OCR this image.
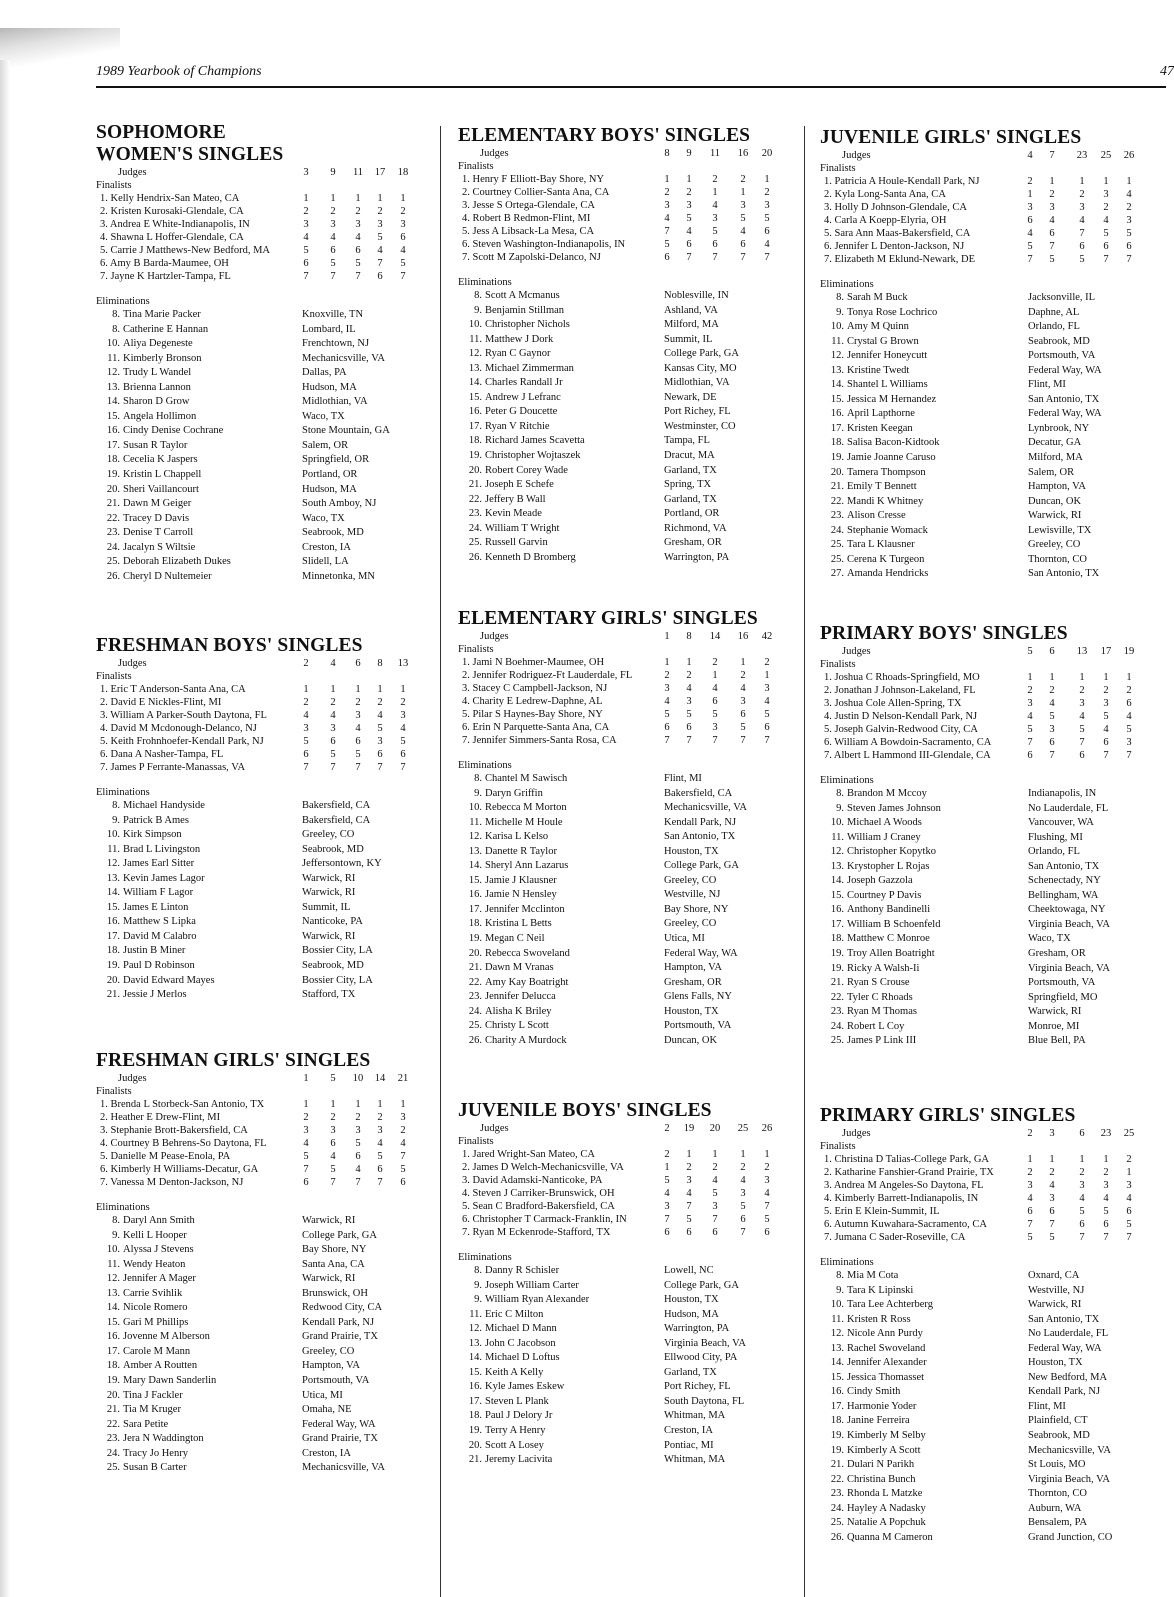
1989 Yearbook of Champions	47
SOPHOMORE
WOMEN'S SINGLES
Judges	3	9	11	17	18
Finalists
1. Kelly Hendrix-San Mateo, CA	1	1	1	1	1
2. Kristen Kurosaki-Glendale, CA	2	2	2	2	2
3. Andrea E White-Indianapolis, IN	3	3	3	3	3
4. Shawna L Hoffer-Glendale, CA	4	4	4	5	6
5. Carrie J Matthews-New Bedford, MA	5	6	6	4	4
6. Amy B Barda-Maumee, OH	6	5	5	7	5
7. Jayne K Hartzler-Tampa, FL	7	7	7	6	7
Eliminations
8. Tina Marie Packer	Knoxville, TN
8. Catherine E Hannan	Lombard, IL
10. Aliya Degeneste	Frenchtown, NJ
11. Kimberly Bronson	Mechanicsville, VA
12. Trudy L Wandel	Dallas, PA
13. Brienna Lannon	Hudson, MA
14. Sharon D Grow	Midlothian, VA
15. Angela Hollimon	Waco, TX
16. Cindy Denise Cochrane	Stone Mountain, GA
17. Susan R Taylor	Salem, OR
18. Cecelia K Jaspers	Springfield, OR
19. Kristin L Chappell	Portland, OR
20. Sheri Vaillancourt	Hudson, MA
21. Dawn M Geiger	South Amboy, NJ
22. Tracey D Davis	Waco, TX
23. Denise T Carroll	Seabrook, MD
24. Jacalyn S Wiltsie	Creston, IA
25. Deborah Elizabeth Dukes	Slidell, LA
26. Cheryl D Nultemeier	Minnetonka, MN
FRESHMAN BOYS' SINGLES
Judges	2	4	6	8	13
Finalists
1. Eric T Anderson-Santa Ana, CA	1	1	1	1	1
2. David E Nickles-Flint, MI	2	2	2	2	2
3. William A Parker-South Daytona, FL	4	4	3	4	3
4. David M Mcdonough-Delanco, NJ	3	3	4	5	4
5. Keith Frohnhoefer-Kendall Park, NJ	5	6	6	3	5
6. Dana A Nasher-Tampa, FL	6	5	5	6	6
7. James P Ferrante-Manassas, VA	7	7	7	7	7
Eliminations
8. Michael Handyside	Bakersfield, CA
9. Patrick B Ames	Bakersfield, CA
10. Kirk Simpson	Greeley, CO
11. Brad L Livingston	Seabrook, MD
12. James Earl Sitter	Jeffersontown, KY
13. Kevin James Lagor	Warwick, RI
14. William F Lagor	Warwick, RI
15. James E Linton	Summit, IL
16. Matthew S Lipka	Nanticoke, PA
17. David M Calabro	Warwick, RI
18. Justin B Miner	Bossier City, LA
19. Paul D Robinson	Seabrook, MD
20. David Edward Mayes	Bossier City, LA
21. Jessie J Merlos	Stafford, TX
FRESHMAN GIRLS' SINGLES
Judges	1	5	10	14	21
Finalists
1. Brenda L Storbeck-San Antonio, TX	1	1	1	1	1
2. Heather E Drew-Flint, MI	2	2	2	2	3
3. Stephanie Brott-Bakersfield, CA	3	3	3	3	2
4. Courtney B Behrens-So Daytona, FL	4	6	5	4	4
5. Danielle M Pease-Enola, PA	5	4	6	5	7
6. Kimberly H Williams-Decatur, GA	7	5	4	6	5
7. Vanessa M Denton-Jackson, NJ	6	7	7	7	6
Eliminations
8. Daryl Ann Smith	Warwick, RI
9. Kelli L Hooper	College Park, GA
10. Alyssa J Stevens	Bay Shore, NY
11. Wendy Heaton	Santa Ana, CA
12. Jennifer A Mager	Warwick, RI
13. Carrie Svihlik	Brunswick, OH
14. Nicole Romero	Redwood City, CA
15. Gari M Phillips	Kendall Park, NJ
16. Jovenne M Alberson	Grand Prairie, TX
17. Carole M Mann	Greeley, CO
18. Amber A Routten	Hampton, VA
19. Mary Dawn Sanderlin	Portsmouth, VA
20. Tina J Fackler	Utica, MI
21. Tia M Kruger	Omaha, NE
22. Sara Petite	Federal Way, WA
23. Jera N Waddington	Grand Prairie, TX
24. Tracy Jo Henry	Creston, IA
25. Susan B Carter	Mechanicsville, VA
ELEMENTARY BOYS' SINGLES
Judges	8	9	11	16	20
Finalists
1. Henry F Elliott-Bay Shore, NY	1	1	2	2	1
2. Courtney Collier-Santa Ana, CA	2	2	1	1	2
3. Jesse S Ortega-Glendale, CA	3	3	4	3	3
4. Robert B Redmon-Flint, MI	4	5	3	5	5
5. Jess A Libsack-La Mesa, CA	7	4	5	4	6
6. Steven Washington-Indianapolis, IN	5	6	6	6	4
7. Scott M Zapolski-Delanco, NJ	6	7	7	7	7
Eliminations
8. Scott A Mcmanus	Noblesville, IN
9. Benjamin Stillman	Ashland, VA
10. Christopher Nichols	Milford, MA
11. Matthew J Dork	Summit, IL
12. Ryan C Gaynor	College Park, GA
13. Michael Zimmerman	Kansas City, MO
14. Charles Randall Jr	Midlothian, VA
15. Andrew J Lefranc	Newark, DE
16. Peter G Doucette	Port Richey, FL
17. Ryan V Ritchie	Westminster, CO
18. Richard James Scavetta	Tampa, FL
19. Christopher Wojtaszek	Dracut, MA
20. Robert Corey Wade	Garland, TX
21. Joseph E Schefe	Spring, TX
22. Jeffery B Wall	Garland, TX
23. Kevin Meade	Portland, OR
24. William T Wright	Richmond, VA
25. Russell Garvin	Gresham, OR
26. Kenneth D Bromberg	Warrington, PA
ELEMENTARY GIRLS' SINGLES
Judges	1	8	14	16	42
Finalists
1. Jami N Boehmer-Maumee, OH	1	1	2	1	2
2. Jennifer Rodriguez-Ft Lauderdale, FL	2	2	1	2	1
3. Stacey C Campbell-Jackson, NJ	3	4	4	4	3
4. Charity E Ledrew-Daphne, AL	4	3	6	3	4
5. Pilar S Haynes-Bay Shore, NY	5	5	5	6	5
6. Erin N Parquette-Santa Ana, CA	6	6	3	5	6
7. Jennifer Simmers-Santa Rosa, CA	7	7	7	7	7
Eliminations
8. Chantel M Sawisch	Flint, MI
9. Daryn Griffin	Bakersfield, CA
10. Rebecca M Morton	Mechanicsville, VA
11. Michelle M Houle	Kendall Park, NJ
12. Karisa L Kelso	San Antonio, TX
13. Danette R Taylor	Houston, TX
14. Sheryl Ann Lazarus	College Park, GA
15. Jamie J Klausner	Greeley, CO
16. Jamie N Hensley	Westville, NJ
17. Jennifer Mcclinton	Bay Shore, NY
18. Kristina L Betts	Greeley, CO
19. Megan C Neil	Utica, MI
20. Rebecca Swoveland	Federal Way, WA
21. Dawn M Vranas	Hampton, VA
22. Amy Kay Boatright	Gresham, OR
23. Jennifer Delucca	Glens Falls, NY
24. Alisha K Briley	Houston, TX
25. Christy L Scott	Portsmouth, VA
26. Charity A Murdock	Duncan, OK
JUVENILE BOYS' SINGLES
Judges	2	19	20	25	26
Finalists
1. Jared Wright-San Mateo, CA	2	1	1	1	1
2. James D Welch-Mechanicsville, VA	1	2	2	2	2
3. David Adamski-Nanticoke, PA	5	3	4	4	3
4. Steven J Carriker-Brunswick, OH	4	4	5	3	4
5. Sean C Bradford-Bakersfield, CA	3	7	3	5	7
6. Christopher T Carmack-Franklin, IN	7	5	7	6	5
7. Ryan M Eckenrode-Stafford, TX	6	6	6	7	6
Eliminations
8. Danny R Schisler	Lowell, NC
9. Joseph William Carter	College Park, GA
9. William Ryan Alexander	Houston, TX
11. Eric C Milton	Hudson, MA
12. Michael D Mann	Warrington, PA
13. John C Jacobson	Virginia Beach, VA
14. Michael D Loftus	Ellwood City, PA
15. Keith A Kelly	Garland, TX
16. Kyle James Eskew	Port Richey, FL
17. Steven L Plank	South Daytona, FL
18. Paul J Delory Jr	Whitman, MA
19. Terry A Henry	Creston, IA
20. Scott A Losey	Pontiac, MI
21. Jeremy Lacivita	Whitman, MA
JUVENILE GIRLS' SINGLES
Judges	4	7	23	25	26
Finalists
1. Patricia A Houle-Kendall Park, NJ	2	1	1	1	1
2. Kyla Long-Santa Ana, CA	1	2	2	3	4
3. Holly D Johnson-Glendale, CA	3	3	3	2	2
4. Carla A Koepp-Elyria, OH	6	4	4	4	3
5. Sara Ann Maas-Bakersfield, CA	4	6	7	5	5
6. Jennifer L Denton-Jackson, NJ	5	7	6	6	6
7. Elizabeth M Eklund-Newark, DE	7	5	5	7	7
Eliminations
8. Sarah M Buck	Jacksonville, IL
9. Tonya Rose Lochrico	Daphne, AL
10. Amy M Quinn	Orlando, FL
11. Crystal G Brown	Seabrook, MD
12. Jennifer Honeycutt	Portsmouth, VA
13. Kristine Twedt	Federal Way, WA
14. Shantel L Williams	Flint, MI
15. Jessica M Hernandez	San Antonio, TX
16. April Lapthorne	Federal Way, WA
17. Kristen Keegan	Lynbrook, NY
18. Salisa Bacon-Kidtook	Decatur, GA
19. Jamie Joanne Caruso	Milford, MA
20. Tamera Thompson	Salem, OR
21. Emily T Bennett	Hampton, VA
22. Mandi K Whitney	Duncan, OK
23. Alison Cresse	Warwick, RI
24. Stephanie Womack	Lewisville, TX
25. Tara L Klausner	Greeley, CO
25. Cerena K Turgeon	Thornton, CO
27. Amanda Hendricks	San Antonio, TX
PRIMARY BOYS' SINGLES
Judges	5	6	13	17	19
Finalists
1. Joshua C Rhoads-Springfield, MO	1	1	1	1	1
2. Jonathan J Johnson-Lakeland, FL	2	2	2	2	2
3. Joshua Cole Allen-Spring, TX	3	4	3	3	6
4. Justin D Nelson-Kendall Park, NJ	4	5	4	5	4
5. Joseph Galvin-Redwood City, CA	5	3	5	4	5
6. William A Bowdoin-Sacramento, CA	7	6	7	6	3
7. Albert L Hammond III-Glendale, CA	6	7	6	7	7
Eliminations
8. Brandon M Mccoy	Indianapolis, IN
9. Steven James Johnson	No Lauderdale, FL
10. Michael A Woods	Vancouver, WA
11. William J Craney	Flushing, MI
12. Christopher Kopytko	Orlando, FL
13. Krystopher L Rojas	San Antonio, TX
14. Joseph Gazzola	Schenectady, NY
15. Courtney P Davis	Bellingham, WA
16. Anthony Bandinelli	Cheektowaga, NY
17. William B Schoenfeld	Virginia Beach, VA
18. Matthew C Monroe	Waco, TX
19. Troy Allen Boatright	Gresham, OR
19. Ricky A Walsh-Ii	Virginia Beach, VA
21. Ryan S Crouse	Portsmouth, VA
22. Tyler C Rhoads	Springfield, MO
23. Ryan M Thomas	Warwick, RI
24. Robert L Coy	Monroe, MI
25. James P Link III	Blue Bell, PA
PRIMARY GIRLS' SINGLES
Judges	2	3	6	23	25
Finalists
1. Christina D Talias-College Park, GA	1	1	1	1	2
2. Katharine Fanshier-Grand Prairie, TX	2	2	2	2	1
3. Andrea M Angeles-So Daytona, FL	3	4	3	3	3
4. Kimberly Barrett-Indianapolis, IN	4	3	4	4	4
5. Erin E Klein-Summit, IL	6	6	5	5	6
6. Autumn Kuwahara-Sacramento, CA	7	7	6	6	5
7. Jumana C Sader-Roseville, CA	5	5	7	7	7
Eliminations
8. Mia M Cota	Oxnard, CA
9. Tara K Lipinski	Westville, NJ
10. Tara Lee Achterberg	Warwick, RI
11. Kristen R Ross	San Antonio, TX
12. Nicole Ann Purdy	No Lauderdale, FL
13. Rachel Swoveland	Federal Way, WA
14. Jennifer Alexander	Houston, TX
15. Jessica Thomasset	New Bedford, MA
16. Cindy Smith	Kendall Park, NJ
17. Harmonie Yoder	Flint, MI
18. Janine Ferreira	Plainfield, CT
19. Kimberly M Selby	Seabrook, MD
19. Kimberly A Scott	Mechanicsville, VA
21. Dulari N Parikh	St Louis, MO
22. Christina Bunch	Virginia Beach, VA
23. Rhonda L Matzke	Thornton, CO
24. Hayley A Nadasky	Auburn, WA
25. Natalie A Popchuk	Bensalem, PA
26. Quanna M Cameron	Grand Junction, CO
